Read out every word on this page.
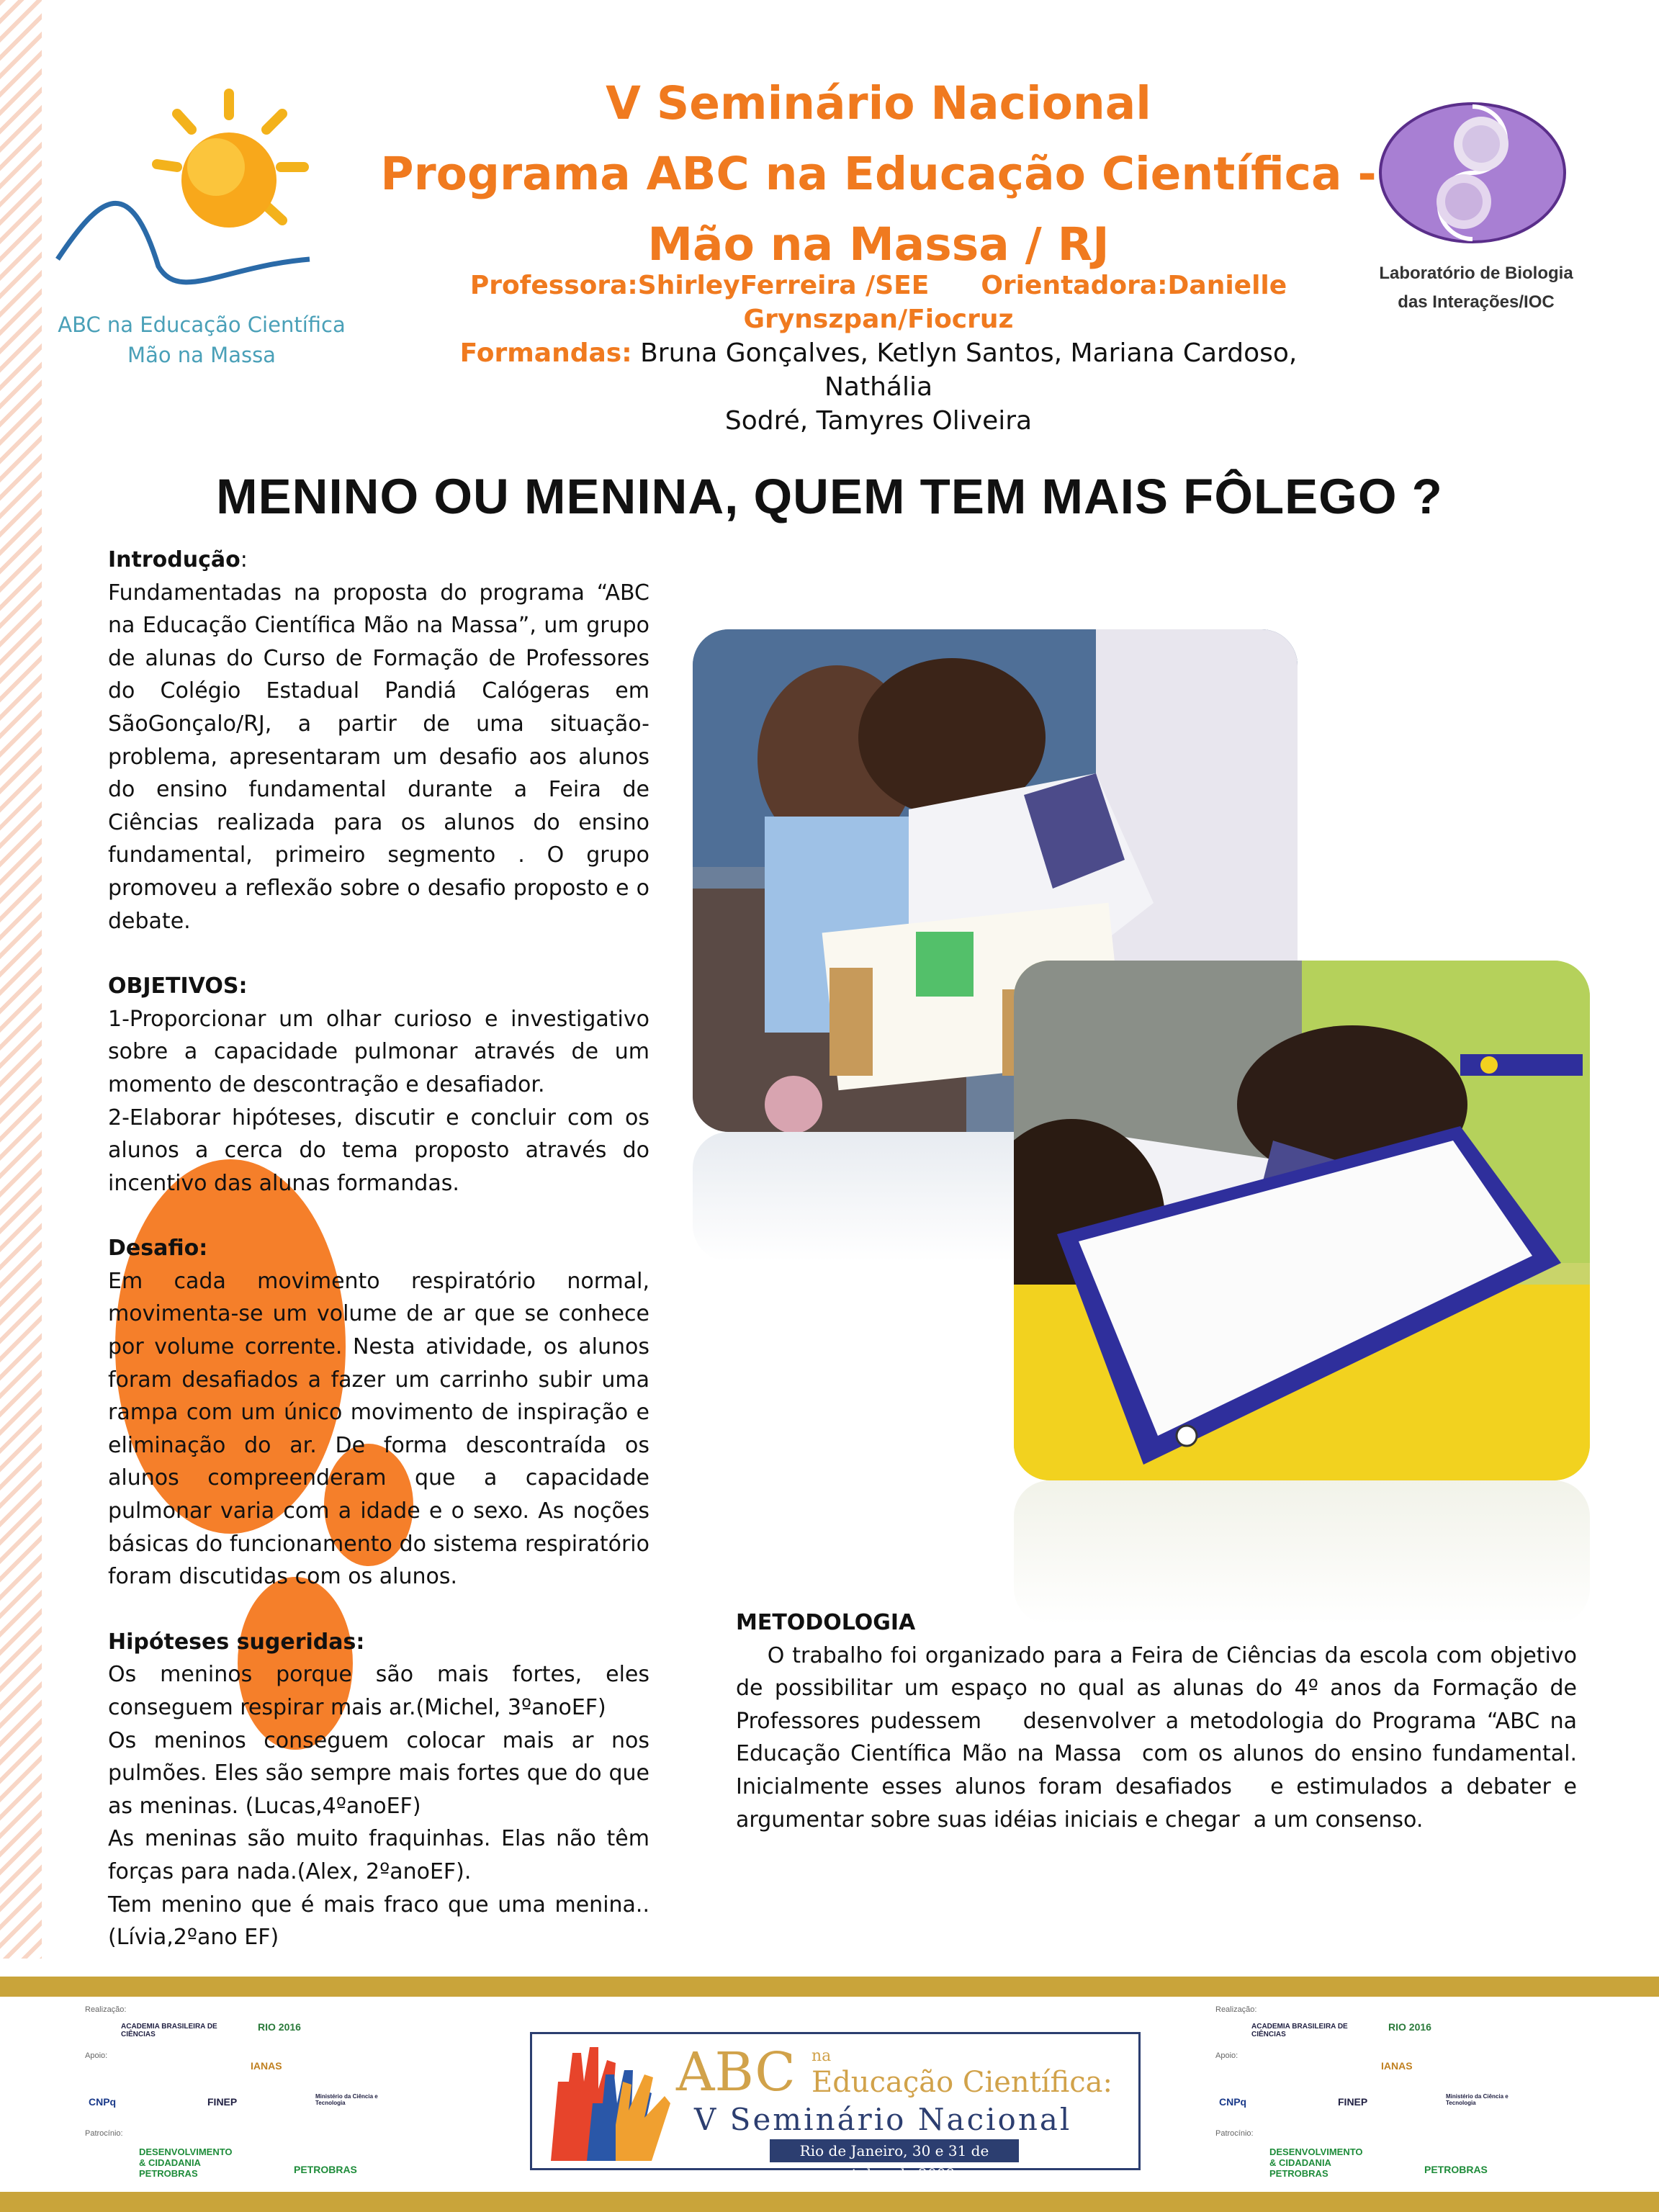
ABC na Educação Científica
Mão na Massa
V Seminário Nacional
Programa ABC na Educação Científica -
Mão na Massa / RJ
Professora:ShirleyFerreira /SEE Orientadora:Danielle
Grynszpan/Fiocruz
Formandas: Bruna Gonçalves, Ketlyn Santos, Mariana Cardoso, Nathália
Sodré, Tamyres Oliveira
Laboratório de Biologia
das Interações/IOC
MENINO OU MENINA, QUEM TEM MAIS FÔLEGO ?

Introdução:

Fundamentadas na proposta do programa “ABC na Educação Científica Mão na Massa”, um grupo de alunas do Curso de Formação de Professores do Colégio Estadual Pandiá Calógeras em SãoGonçalo/RJ, a partir de uma situação-problema, apresentaram um desafio aos alunos do ensino fundamental durante a Feira de Ciências realizada para os alunos do ensino fundamental, primeiro segmento . O grupo promoveu a reflexão sobre o desafio proposto e o debate.

OBJETIVOS:

1-Proporcionar um olhar curioso e investigativo sobre a capacidade pulmonar através de um momento de descontração e desafiador.

2-Elaborar hipóteses, discutir e concluir com os alunos a cerca do tema proposto através do incentivo das alunas formandas.

Desafio:

Em cada movimento respiratório normal, movimenta-se um volume de ar que se conhece por volume corrente. Nesta atividade, os alunos foram desafiados a fazer um carrinho subir uma rampa com um único movimento de inspiração e eliminação do ar. De forma descontraída os alunos compreenderam que a capacidade pulmonar varia com a idade e o sexo. As noções básicas do funcionamento do sistema respiratório foram discutidas com os alunos.

Hipóteses sugeridas:

Os meninos porque são mais fortes, eles conseguem respirar mais ar.(Michel, 3ºanoEF)

Os meninos conseguem colocar mais ar nos pulmões. Eles são sempre mais fortes que do que as meninas. (Lucas,4ºanoEF)

As meninas são muito fraquinhas. Elas não têm forças para nada.(Alex, 2ºanoEF).

Tem menino que é mais fraco que uma menina..(Lívia,2ºano EF)

METODOLOGIA
O trabalho foi organizado para a Feira de Ciências da escola com objetivo de possibilitar um espaço no qual as alunas do 4º anos da Formação de Professores pudessem    desenvolver a metodologia do Programa “ABC na Educação Científica Mão na Massa  com os alunos do ensino fundamental. Inicialmente esses alunos foram desafiados   e estimulados a debater e argumentar sobre suas idéias iniciais e chegar  a um consenso.
Realização:
ACADEMIA BRASILEIRA DE CIÊNCIAS
RIO 2016
Apoio:
IANAS
CNPq	FINEP	Ministério da Ciência e Tecnologia
Patrocínio:
DESENVOLVIMENTO & CIDADANIA PETROBRAS	PETROBRAS
ABC na
Educação Científica:
V Seminário Nacional
Rio de Janeiro, 30 e 31 de outubro de 2009
Realização:
ACADEMIA BRASILEIRA DE CIÊNCIAS
RIO 2016
Apoio:
IANAS
CNPq	FINEP	Ministério da Ciência e Tecnologia
Patrocínio:
DESENVOLVIMENTO & CIDADANIA PETROBRAS	PETROBRAS
